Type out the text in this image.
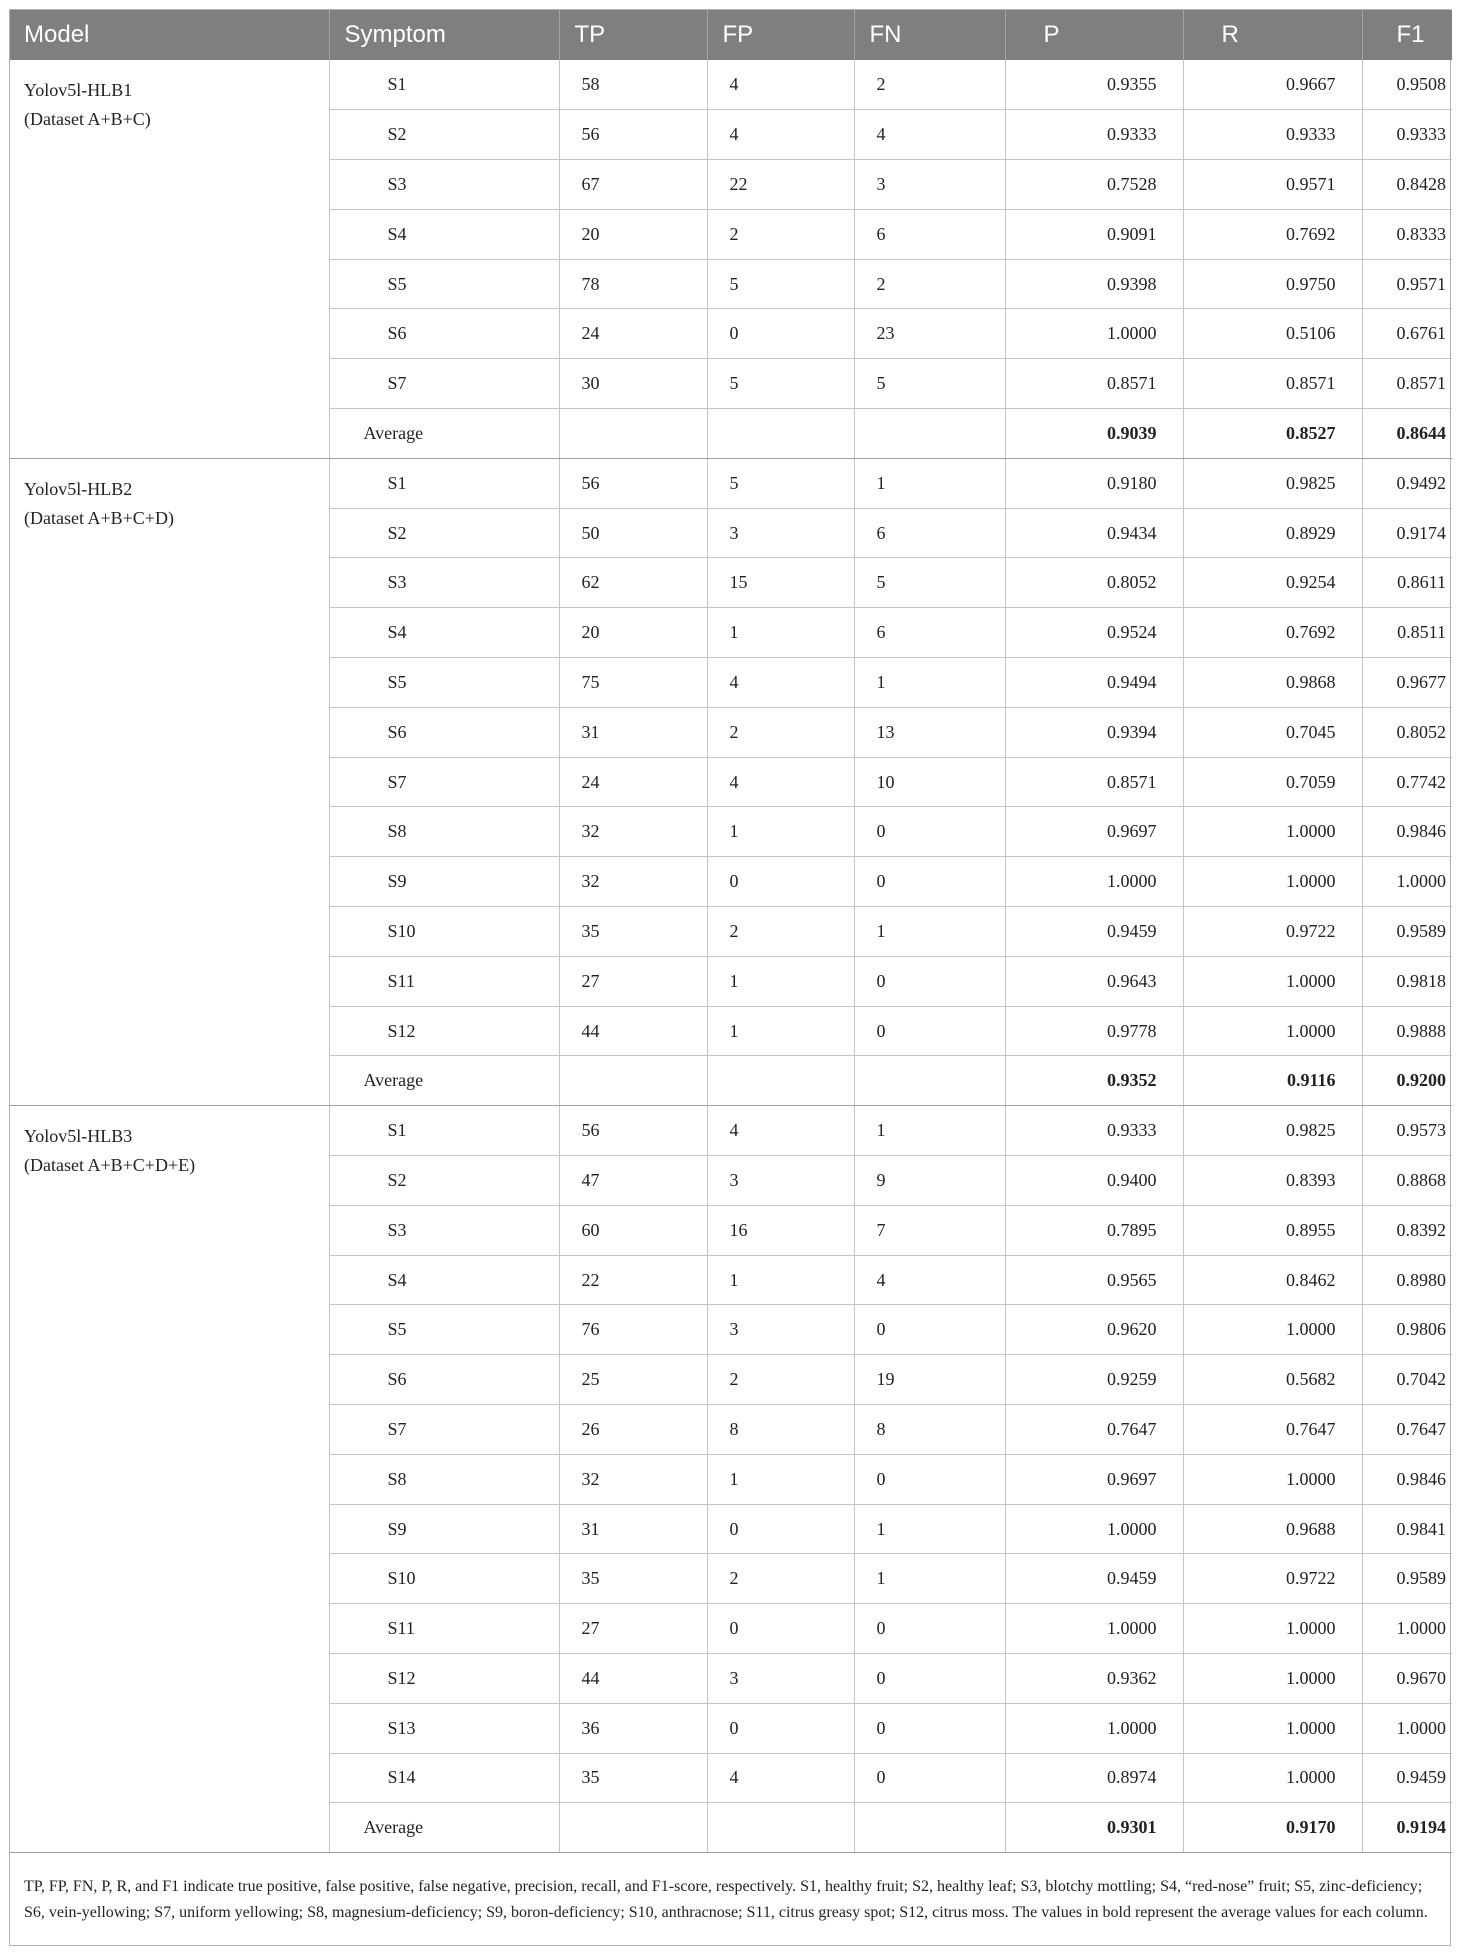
Model	Symptom	TP	FP	FN	P	R	F1

Yolov5l-HLB1
(Dataset A+B+C)	S1	58	4	2	0.9355	0.9667	0.9508
	S2	56	4	4	0.9333	0.9333	0.9333
	S3	67	22	3	0.7528	0.9571	0.8428
	S4	20	2	6	0.9091	0.7692	0.8333
	S5	78	5	2	0.9398	0.9750	0.9571
	S6	24	0	23	1.0000	0.5106	0.6761
	S7	30	5	5	0.8571	0.8571	0.8571
	Average				0.9039	0.8527	0.8644

Yolov5l-HLB2
(Dataset A+B+C+D)	S1	56	5	1	0.9180	0.9825	0.9492
	S2	50	3	6	0.9434	0.8929	0.9174
	S3	62	15	5	0.8052	0.9254	0.8611
	S4	20	1	6	0.9524	0.7692	0.8511
	S5	75	4	1	0.9494	0.9868	0.9677
	S6	31	2	13	0.9394	0.7045	0.8052
	S7	24	4	10	0.8571	0.7059	0.7742
	S8	32	1	0	0.9697	1.0000	0.9846
	S9	32	0	0	1.0000	1.0000	1.0000
	S10	35	2	1	0.9459	0.9722	0.9589
	S11	27	1	0	0.9643	1.0000	0.9818
	S12	44	1	0	0.9778	1.0000	0.9888
	Average				0.9352	0.9116	0.9200

Yolov5l-HLB3
(Dataset A+B+C+D+E)	S1	56	4	1	0.9333	0.9825	0.9573
	S2	47	3	9	0.9400	0.8393	0.8868
	S3	60	16	7	0.7895	0.8955	0.8392
	S4	22	1	4	0.9565	0.8462	0.8980
	S5	76	3	0	0.9620	1.0000	0.9806
	S6	25	2	19	0.9259	0.5682	0.7042
	S7	26	8	8	0.7647	0.7647	0.7647
	S8	32	1	0	0.9697	1.0000	0.9846
	S9	31	0	1	1.0000	0.9688	0.9841
	S10	35	2	1	0.9459	0.9722	0.9589
	S11	27	0	0	1.0000	1.0000	1.0000
	S12	44	3	0	0.9362	1.0000	0.9670
	S13	36	0	0	1.0000	1.0000	1.0000
	S14	35	4	0	0.8974	1.0000	0.9459
	Average				0.9301	0.9170	0.9194
TP, FP, FN, P, R, and F1 indicate true positive, false positive, false negative, precision, recall, and F1-score, respectively. S1, healthy fruit; S2, healthy leaf; S3, blotchy mottling; S4, “red-nose” fruit; S5, zinc-deficiency; S6, vein-yellowing; S7, uniform yellowing; S8, magnesium-deficiency; S9, boron-deficiency; S10, anthracnose; S11, citrus greasy spot; S12, citrus moss. The values in bold represent the average values for each column.
